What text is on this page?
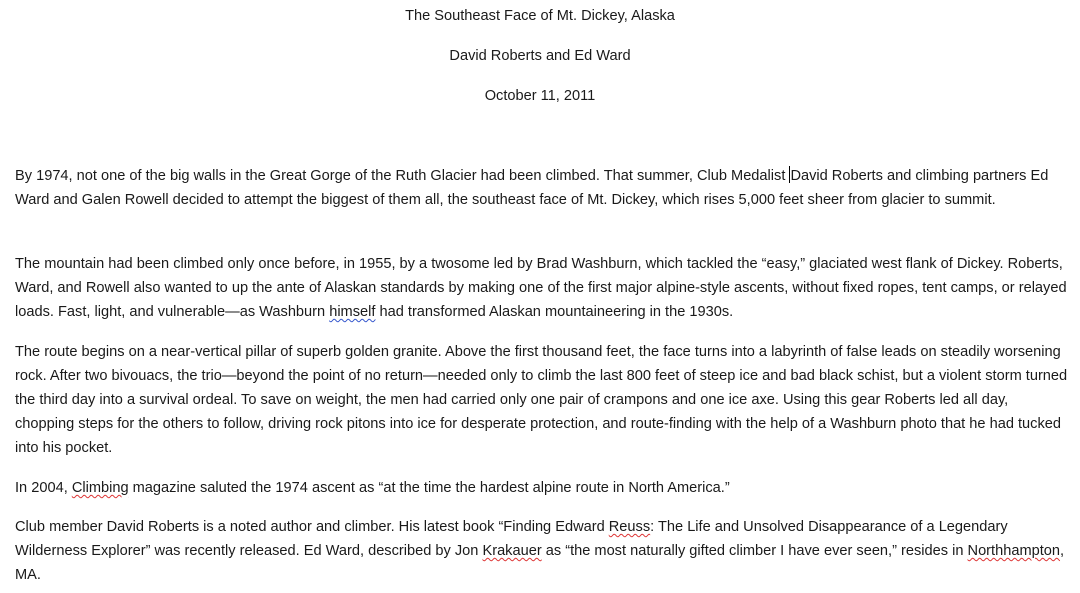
The Southeast Face of Mt. Dickey, Alaska
David Roberts and Ed Ward
October 11, 2011

By 1974, not one of the big walls in the Great Gorge of the Ruth Glacier had been climbed. That summer, Club Medalist David Roberts and climbing partners Ed Ward and Galen Rowell decided to attempt the biggest of them all, the southeast face of Mt. Dickey, which rises 5,000 feet sheer from glacier to summit.

The mountain had been climbed only once before, in 1955, by a twosome led by Brad Washburn, which tackled the “easy,” glaciated west flank of Dickey. Roberts, Ward, and Rowell also wanted to up the ante of Alaskan standards by making one of the first major alpine-style ascents, without fixed ropes, tent camps, or relayed loads. Fast, light, and vulnerable—as Washburn himself had transformed Alaskan mountaineering in the 1930s.

The route begins on a near-vertical pillar of superb golden granite. Above the first thousand feet, the face turns into a labyrinth of false leads on steadily worsening rock. After two bivouacs, the trio—beyond the point of no return—needed only to climb the last 800 feet of steep ice and bad black schist, but a violent storm turned the third day into a survival ordeal. To save on weight, the men had carried only one pair of crampons and one ice axe. Using this gear Roberts led all day, chopping steps for the others to follow, driving rock pitons into ice for desperate protection, and route-finding with the help of a Washburn photo that he had tucked into his pocket.

In 2004, Climbing magazine saluted the 1974 ascent as “at the time the hardest alpine route in North America.”

Club member David Roberts is a noted author and climber. His latest book “Finding Edward Reuss: The Life and Unsolved Disappearance of a Legendary Wilderness Explorer” was recently released. Ed Ward, described by Jon Krakauer as “the most naturally gifted climber I have ever seen,” resides in Northhampton, MA.
